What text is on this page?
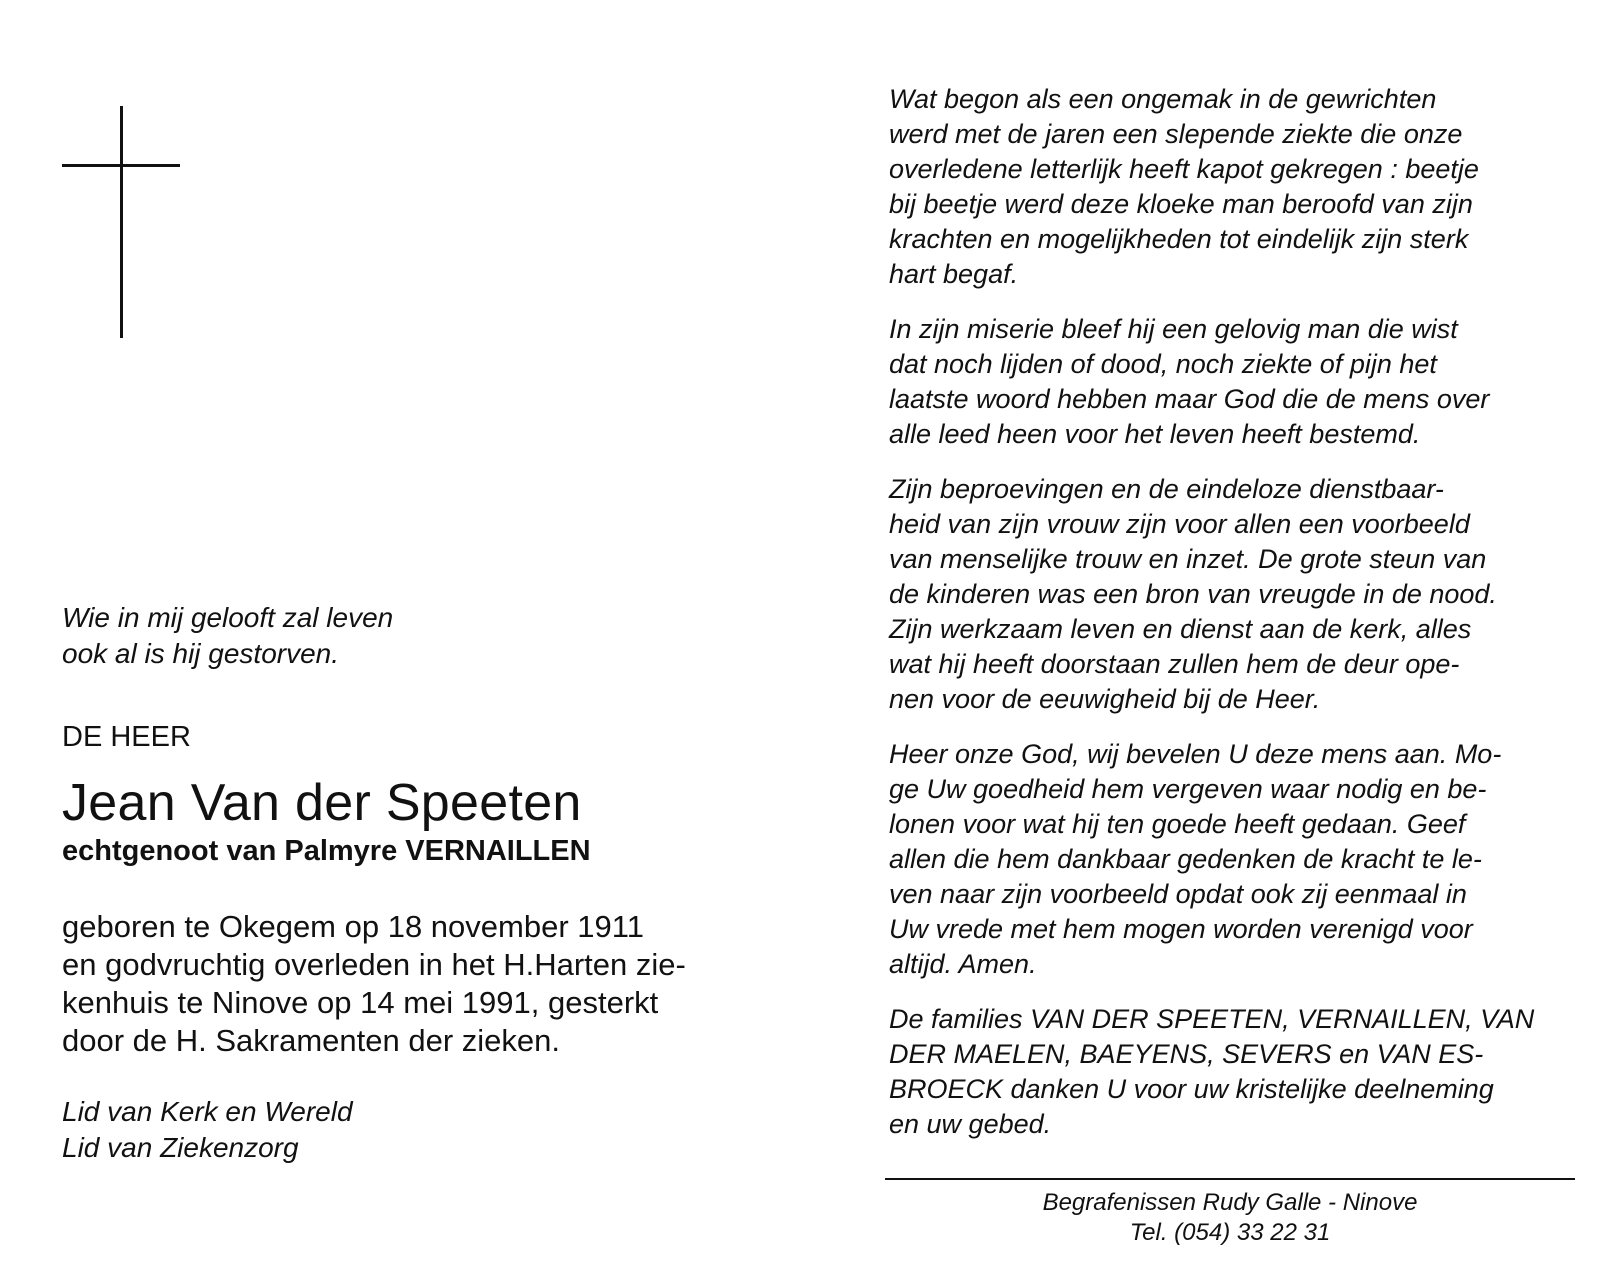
Wie in mij gelooft zal leven

ook al is hij gestorven.

DE HEER
Jean Van der Speeten
echtgenoot van Palmyre VERNAILLEN

geboren te Okegem op 18 november 1911

en godvruchtig overleden in het H.Harten zie-

kenhuis te Ninove op 14 mei 1991, gesterkt

door de H. Sakramenten der zieken.

Lid van Kerk en Wereld

Lid van Ziekenzorg

Wat begon als een ongemak in de gewrichten
werd met de jaren een slepende ziekte die onze
overledene letterlijk heeft kapot gekregen : beetje
bij beetje werd deze kloeke man beroofd van zijn
krachten en mogelijkheden tot eindelijk zijn sterk
hart begaf.
In zijn miserie bleef hij een gelovig man die wist
dat noch lijden of dood, noch ziekte of pijn het
laatste woord hebben maar God die de mens over
alle leed heen voor het leven heeft bestemd.
Zijn beproevingen en de eindeloze dienstbaar-
heid van zijn vrouw zijn voor allen een voorbeeld
van menselijke trouw en inzet. De grote steun van
de kinderen was een bron van vreugde in de nood.
Zijn werkzaam leven en dienst aan de kerk, alles
wat hij heeft doorstaan zullen hem de deur ope-
nen voor de eeuwigheid bij de Heer.
Heer onze God, wij bevelen U deze mens aan. Mo-
ge Uw goedheid hem vergeven waar nodig en be-
lonen voor wat hij ten goede heeft gedaan. Geef
allen die hem dankbaar gedenken de kracht te le-
ven naar zijn voorbeeld opdat ook zij eenmaal in
Uw vrede met hem mogen worden verenigd voor
altijd. Amen.
De families VAN DER SPEETEN, VERNAILLEN, VAN
DER MAELEN, BAEYENS, SEVERS en VAN ES-
BROECK danken U voor uw kristelijke deelneming
en uw gebed.

Begrafenissen Rudy Galle - Ninove

Tel. (054) 33 22 31
